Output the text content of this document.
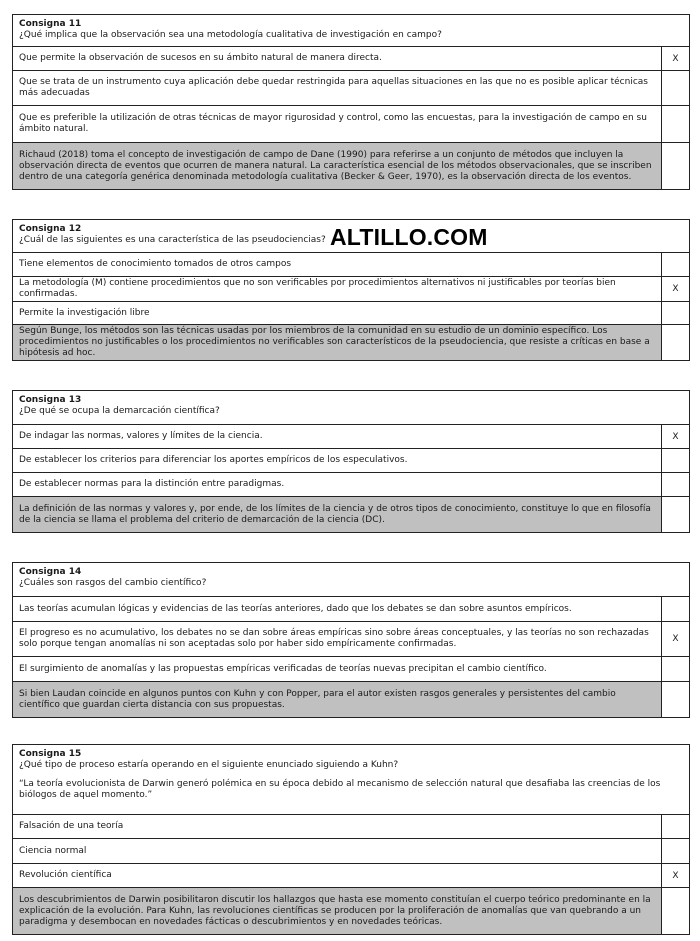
Consigna 11
¿Qué implica que la observación sea una metodología cualitativa de investigación en campo?
Que permite la observación de sucesos en su ámbito natural de manera directa.	X
Que se trata de un instrumento cuya aplicación debe quedar restringida para aquellas situaciones en las que no es posible aplicar técnicas más adecuadas
Que es preferible la utilización de otras técnicas de mayor rigurosidad y control, como las encuestas, para la investigación de campo en su ámbito natural.
Richaud (2018) toma el concepto de investigación de campo de Dane (1990) para referirse a un conjunto de métodos que incluyen la observación directa de eventos que ocurren de manera natural. La característica esencial de los métodos observacionales, que se inscriben dentro de una categoría genérica denominada metodología cualitativa (Becker & Geer, 1970), es la observación directa de los eventos.
Consigna 12
¿Cuál de las siguientes es una característica de las pseudociencias?
Tiene elementos de conocimiento tomados de otros campos
La metodología (M) contiene procedimientos que no son verificables por procedimientos alternativos ni justificables por teorías bien confirmadas.	X
Permite la investigación libre
Según Bunge, los métodos son las técnicas usadas por los miembros de la comunidad en su estudio de un dominio específico. Los procedimientos no justificables o los procedimientos no verificables son característicos de la pseudociencia, que resiste a críticas en base a hipótesis ad hoc.
Consigna 13
¿De qué se ocupa la demarcación científica?
De indagar las normas, valores y límites de la ciencia.	X
De establecer los criterios para diferenciar los aportes empíricos de los especulativos.
De establecer normas para la distinción entre paradigmas.
La definición de las normas y valores y, por ende, de los límites de la ciencia y de otros tipos de conocimiento, constituye lo que en filosofía de la ciencia se llama el problema del criterio de demarcación de la ciencia (DC).
Consigna 14
¿Cuáles son rasgos del cambio científico?
Las teorías acumulan lógicas y evidencias de las teorías anteriores, dado que los debates se dan sobre asuntos empíricos.
El progreso es no acumulativo, los debates no se dan sobre áreas empíricas sino sobre áreas conceptuales, y las teorías no son rechazadas solo porque tengan anomalías ni son aceptadas solo por haber sido empíricamente confirmadas.	X
El surgimiento de anomalías y las propuestas empíricas verificadas de teorías nuevas precipitan el cambio científico.
Si bien Laudan coincide en algunos puntos con Kuhn y con Popper, para el autor existen rasgos generales y persistentes del cambio científico que guardan cierta distancia con sus propuestas.
Consigna 15
¿Qué tipo de proceso estaría operando en el siguiente enunciado siguiendo a Kuhn?
“La teoría evolucionista de Darwin generó polémica en su época debido al mecanismo de selección natural que desafiaba las creencias de los biólogos de aquel momento.”
Falsación de una teoría
Ciencia normal
Revolución científica	X
Los descubrimientos de Darwin posibilitaron discutir los hallazgos que hasta ese momento constituían el cuerpo teórico predominante en la explicación de la evolución. Para Kuhn, las revoluciones científicas se producen por la proliferación de anomalías que van quebrando a un paradigma y desembocan en novedades fácticas o descubrimientos y en novedades teóricas.
ALTILLO.COM
